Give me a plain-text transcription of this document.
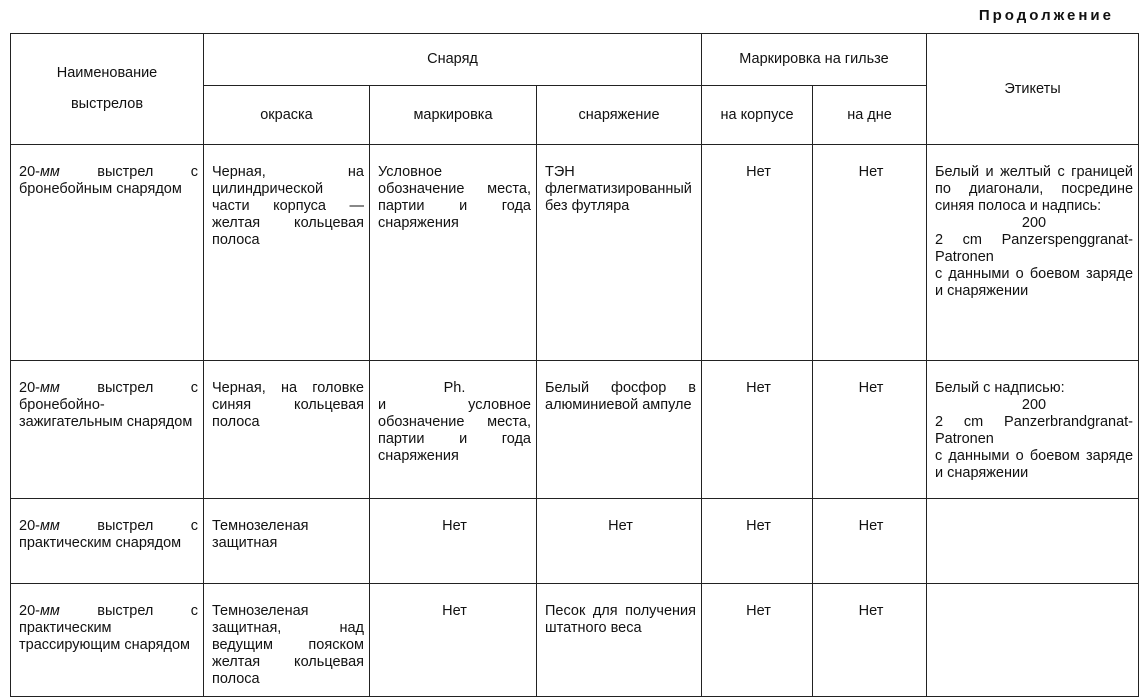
Продолжение
Наименование
выстрелов	Снаряд			Маркировка на гильзе		Этикеты
	окраска	маркировка	снаряжение	на корпусе	на дне	

20-мм выстрел с бронебойным снарядом	Черная, на цилиндрической части корпуса — желтая кольцевая полоса	Условное обозначение места, партии и года снаряжения	ТЭН флегматизированный без футляра	Нет	Нет	Белый и желтый с границей по диагонали, посредине синяя полоса и надпись:
200
2 cm Panzerspenggranat-Patronen
с данными о боевом заряде и снаряжении

20-мм выстрел с бронебойно-зажигательным снарядом	Черная, на головке синяя кольцевая полоса	Ph.
и условное обозначение места, партии и года снаряжения	Белый фосфор в алюминиевой ампуле	Нет	Нет	Белый с надписью:
200
2 cm Panzerbrandgranat-Patronen
с данными о боевом заряде и снаряжении

20-мм выстрел с практическим снарядом	Темнозеленая защитная	Нет	Нет	Нет	Нет	

20-мм выстрел с практическим трассирующим снарядом	Темнозеленая защитная, над ведущим пояском желтая кольцевая полоса	Нет	Песок для получения штатного веса	Нет	Нет	
